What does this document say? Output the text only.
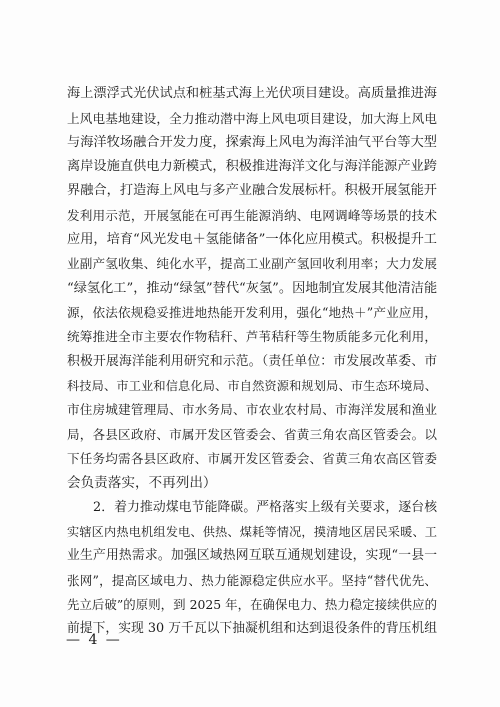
海上漂浮式光伏试点和桩基式海上光伏项目建设。高质量推进海
上风电基地建设，全力推动潜中海上风电项目建设，加大海上风电
与海洋牧场融合开发力度，探索海上风电为海洋油气平台等大型
离岸设施直供电力新模式，积极推进海洋文化与海洋能源产业跨
界融合，打造海上风电与多产业融合发展标杆。积极开展氢能开
发利用示范，开展氢能在可再生能源消纳、电网调峰等场景的技术
应用，培育“风光发电＋氢能储备”一体化应用模式。积极提升工
业副产氢收集、纯化水平，提高工业副产氢回收利用率；大力发展
“绿氢化工”，推动“绿氢”替代“灰氢”。因地制宜发展其他清洁能
源，依法依规稳妥推进地热能开发利用，强化“地热＋”产业应用，
统筹推进全市主要农作物秸秆、芦苇秸秆等生物质能多元化利用，
积极开展海洋能利用研究和示范。（责任单位：市发展改革委、市
科技局、市工业和信息化局、市自然资源和规划局、市生态环境局、
市住房城建管理局、市水务局、市农业农村局、市海洋发展和渔业
局，各县区政府、市属开发区管委会、省黄三角农高区管委会。以
下任务均需各县区政府、市属开发区管委会、省黄三角农高区管委
会负责落实，不再列出）
2．着力推动煤电节能降碳。严格落实上级有关要求，逐台核
实辖区内热电机组发电、供热、煤耗等情况，摸清地区居民采暖、工
业生产用热需求。加强区域热网互联互通规划建设，实现“一县一
张网”，提高区域电力、热力能源稳定供应水平。坚持“替代优先、
先立后破”的原则，到 2025 年，在确保电力、热力稳定接续供应的
前提下，实现 30 万千瓦以下抽凝机组和达到退役条件的背压机组
— 4 —
